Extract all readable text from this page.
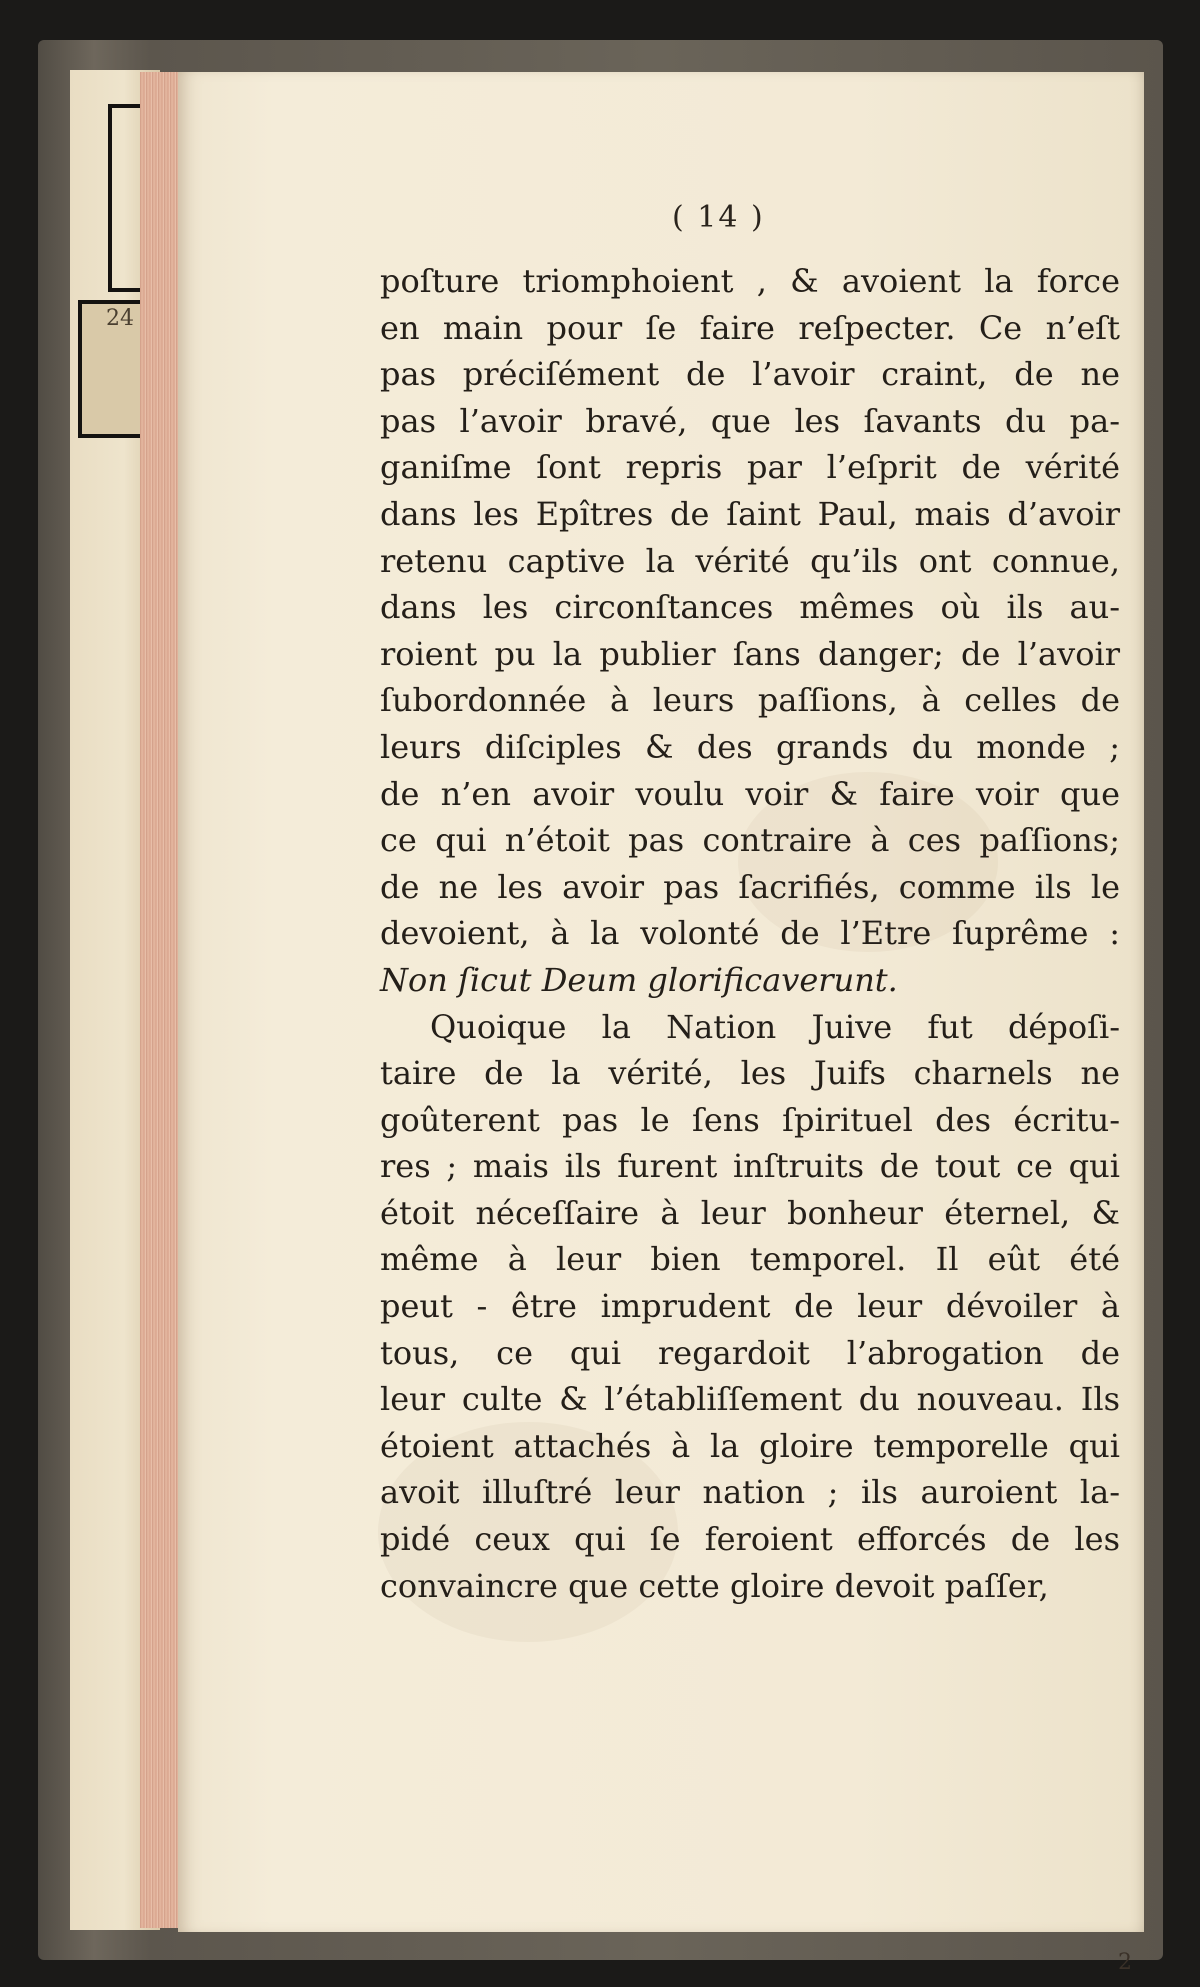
24
( 14 )
poſture triomphoient , & avoient la force
en main pour ſe faire reſpecter. Ce n’eſt
pas préciſément de l’avoir craint, de ne
pas l’avoir bravé, que les ſavants du pa-
ganiſme ſont repris par l’eſprit de vérité
dans les Epîtres de ſaint Paul, mais d’avoir
retenu captive la vérité qu’ils ont connue,
dans les circonſtances mêmes où ils au-
roient pu la publier ſans danger; de l’avoir
ſubordonnée à leurs paſſions, à celles de
leurs diſciples & des grands du monde ;
de n’en avoir voulu voir & faire voir que
ce qui n’étoit pas contraire à ces paſſions;
de ne les avoir pas ſacrifiés, comme ils le
devoient, à la volonté de l’Etre ſuprême :
Non ſicut Deum glorificaverunt.
Quoique la Nation Juive fut dépoſi-
taire de la vérité, les Juifs charnels ne
goûterent pas le ſens ſpirituel des écritu-
res ; mais ils furent inſtruits de tout ce qui
étoit néceſſaire à leur bonheur éternel, &
même à leur bien temporel. Il eût été
peut - être imprudent de leur dévoiler à
tous, ce qui regardoit l’abrogation de
leur culte & l’établiſſement du nouveau. Ils
étoient attachés à la gloire temporelle qui
avoit illuſtré leur nation ; ils auroient la-
pidé ceux qui ſe feroient efforcés de les
convaincre que cette gloire devoit paſſer,
2
